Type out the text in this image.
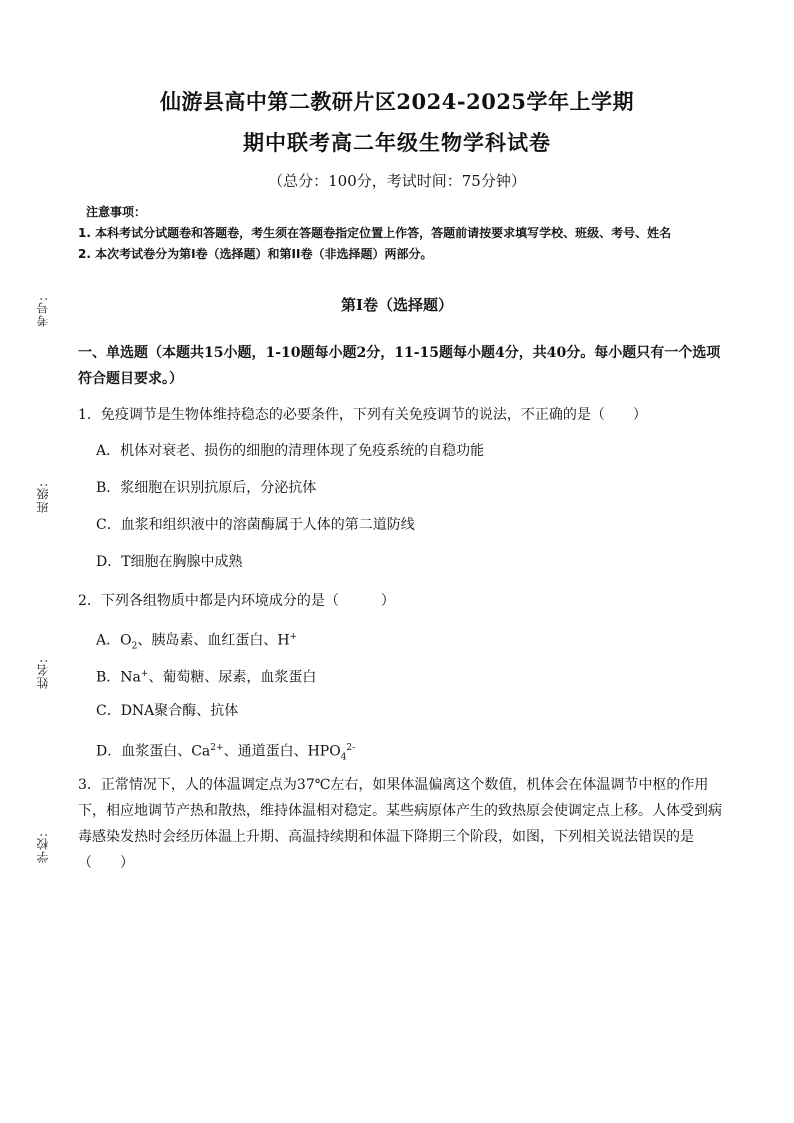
考号:
班级:
姓名:
学校:
仙游县高中第二教研片区2024-2025学年上学期
期中联考高二年级生物学科试卷
（总分：100分，考试时间：75分钟）
注意事项：
1. 本科考试分试题卷和答题卷，考生须在答题卷指定位置上作答，答题前请按要求填写学校、班级、考号、姓名
2. 本次考试卷分为第I卷（选择题）和第II卷（非选择题）两部分。
第I卷（选择题）
一、单选题（本题共15小题，1-10题每小题2分，11-15题每小题4分，共40分。每小题只有一个选项符合题目要求。）
1．免疫调节是生物体维持稳态的必要条件，下列有关免疫调节的说法，不正确的是（　　）
A．机体对衰老、损伤的细胞的清理体现了免疫系统的自稳功能
B．浆细胞在识别抗原后，分泌抗体
C．血浆和组织液中的溶菌酶属于人体的第二道防线
D．T细胞在胸腺中成熟
2．下列各组物质中都是内环境成分的是（　　　）
A．$O_2$、胰岛素、血红蛋白、H+
B．Na+、葡萄糖、尿素，血浆蛋白
C．DNA聚合酶、抗体
D．血浆蛋白、$Ca^{2+}$、通道蛋白、$HPO_4^{2-}$
3．正常情况下，人的体温调定点为37℃左右，如果体温偏离这个数值，机体会在体温调节中枢的作用下，相应地调节产热和散热，维持体温相对稳定。某些病原体产生的致热原会使调定点上移。人体受到病毒感染发热时会经历体温上升期、高温持续期和体温下降期三个阶段，如图，下列相关说法错误的是（　　）
